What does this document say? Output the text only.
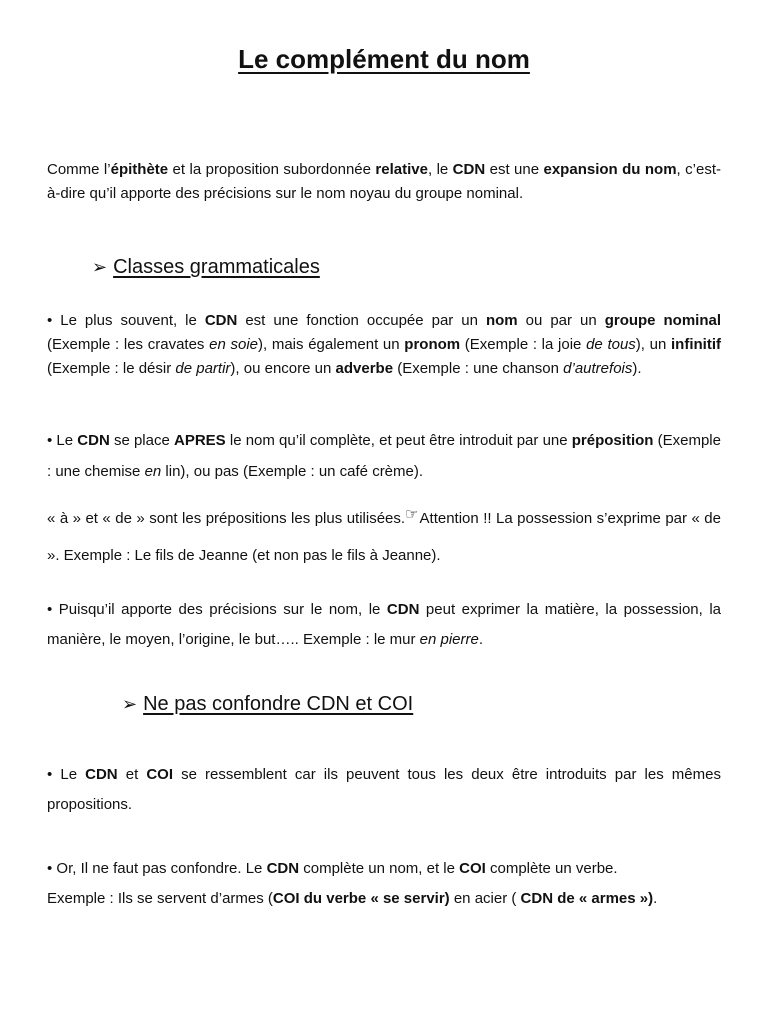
Le complément du nom

Comme l’épithète et la proposition subordonnée relative, le CDN est une expansion du nom, c’est-à-dire qu’il apporte des précisions sur le nom noyau du groupe nominal.

➢ Classes grammaticales

• Le plus souvent, le CDN est une fonction occupée par un nom ou par un groupe nominal (Exemple : les cravates en soie), mais également un pronom (Exemple : la joie de tous), un infinitif (Exemple : le désir de partir), ou encore un adverbe (Exemple : une chanson d’autrefois).

• Le CDN se place APRES le nom qu’il complète, et peut être introduit par une préposition (Exemple : une chemise en lin), ou pas (Exemple : un café crème).

« à » et « de » sont les prépositions les plus utilisées.☞Attention !! La possession s’exprime par « de ». Exemple : Le fils de Jeanne (et non pas le fils à Jeanne).

• Puisqu’il apporte des précisions sur le nom, le CDN peut exprimer la matière, la possession, la manière, le moyen, l’origine, le but….. Exemple : le mur en pierre.

➢ Ne pas confondre CDN et COI

• Le CDN et COI se ressemblent car ils peuvent tous les deux être introduits par les mêmes propositions.

• Or, Il ne faut pas confondre. Le CDN complète un nom, et le COI complète un verbe.
Exemple : Ils se servent d’armes (COI du verbe « se servir) en acier ( CDN de « armes »).
